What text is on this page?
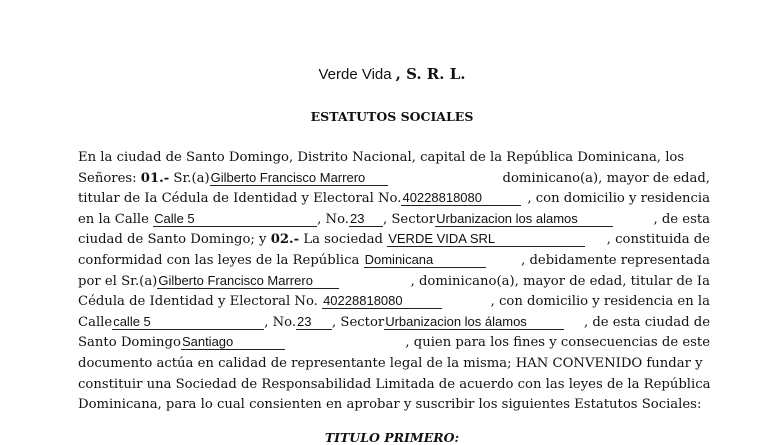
Verde Vida , S. R. L.
ESTATUTOS SOCIALES
En la ciudad de Santo Domingo, Distrito Nacional, capital de la República Dominicana, los
Señores: 01.- Sr.(a)Gilberto Francisco Marrero	dominicano(a), mayor de edad,
titular de Ia Cédula de Identidad y Electoral No.40228818080	, con domicilio y residencia
en la Calle Calle 5	, No.23 , SectorUrbanizacion los alamos	, de esta
ciudad de Santo Domingo; y 02.- La sociedad VERDE VIDA SRL	, constituida de
conformidad con las leyes de la República Dominicana	, debidamente representada
por el Sr.(a)Gilberto Francisco Marrero	, dominicano(a), mayor de edad, titular de Ia
Cédula de Identidad y Electoral No. 40228818080	, con domicilio y residencia en la
Callecalle 5	, No.23 , SectorUrbanizacion los álamos	, de esta ciudad de
Santo DomingoSantiago	, quien para los fines y consecuencias de este
documento actúa en calidad de representante legal de la misma; HAN CONVENIDO fundar y
constituir una Sociedad de Responsabilidad Limitada de acuerdo con las leyes de la República
Dominicana, para lo cual consienten en aprobar y suscribir los siguientes Estatutos Sociales:
TITULO PRIMERO:
